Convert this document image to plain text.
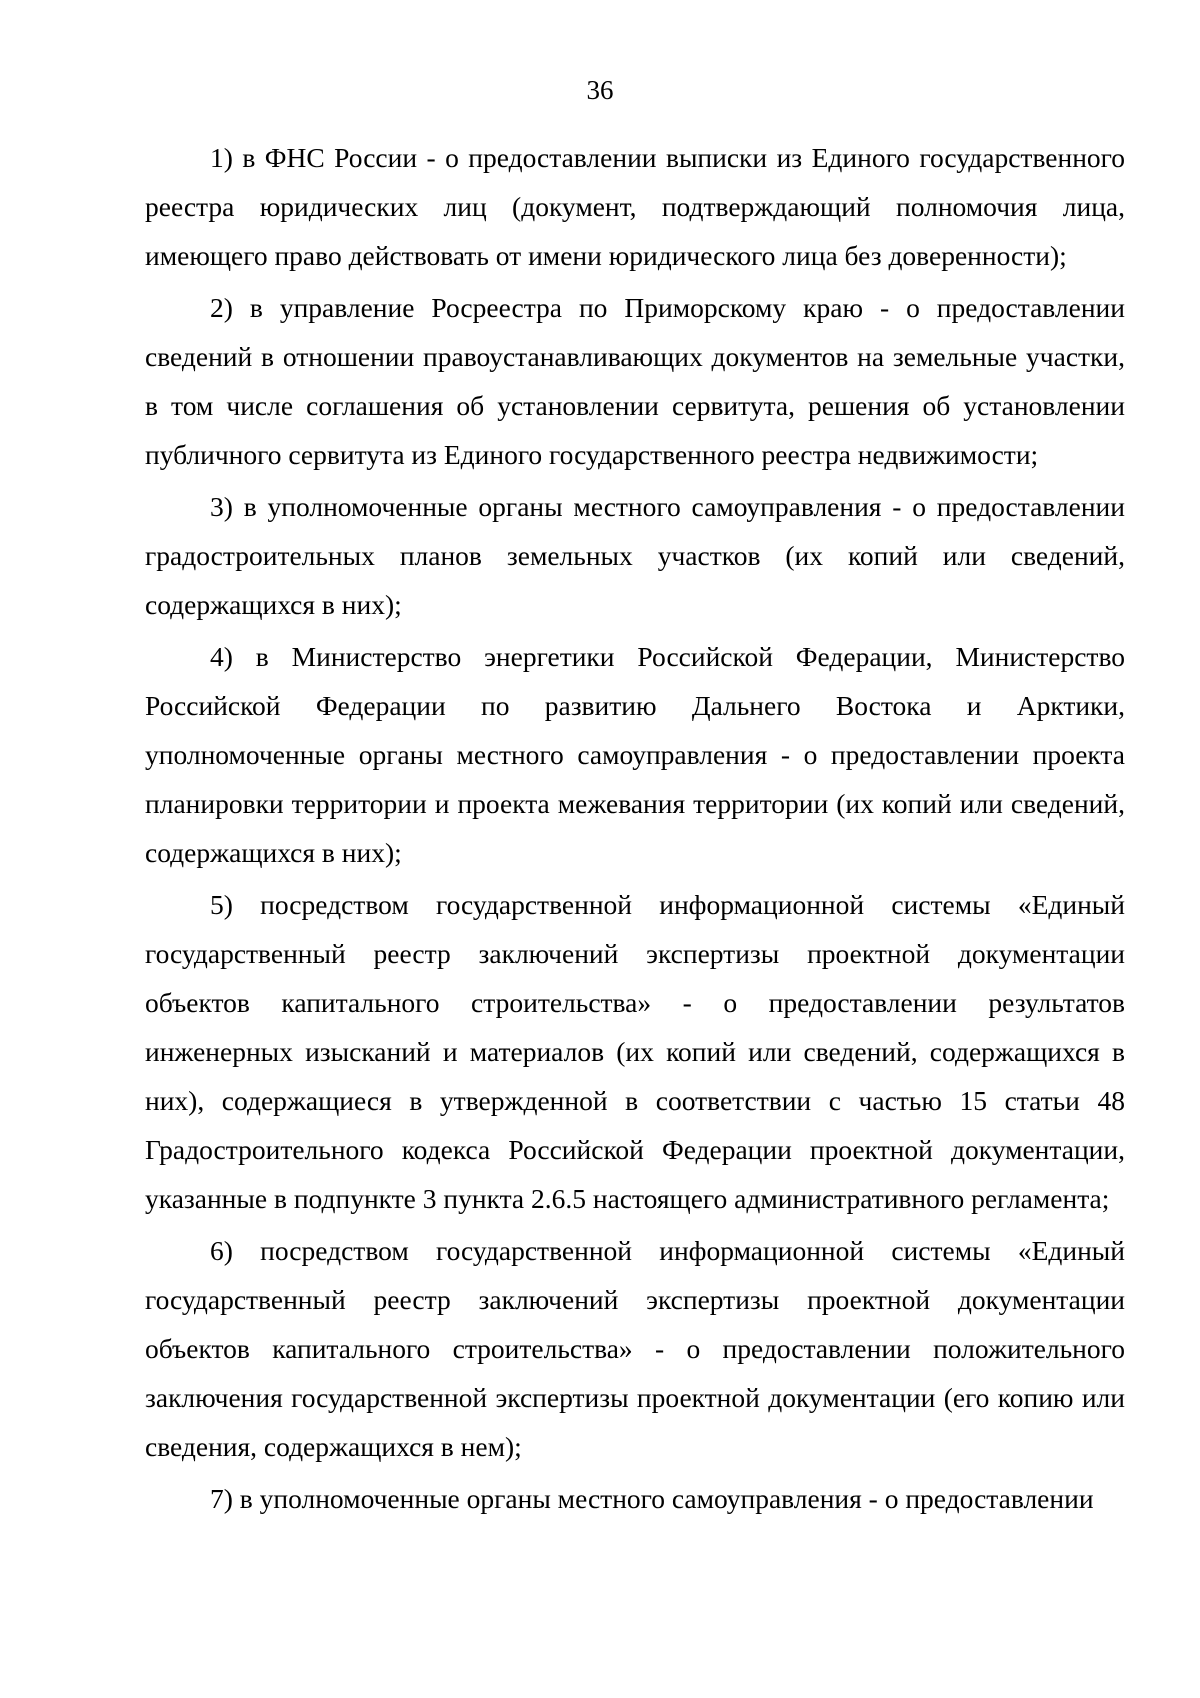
36

1) в ФНС России - о предоставлении выписки из Единого государственного реестра юридических лиц (документ, подтверждающий полномочия лица, имеющего право действовать от имени юридического лица без доверенности);

2) в управление Росреестра по Приморскому краю - о предоставлении сведений в отношении правоустанавливающих документов на земельные участки, в том числе соглашения об установлении сервитута, решения об установлении публичного сервитута из Единого государственного реестра недвижимости;

3) в уполномоченные органы местного самоуправления - о предоставлении градостроительных планов земельных участков (их копий или сведений, содержащихся в них);

4) в Министерство энергетики Российской Федерации, Министерство Российской Федерации по развитию Дальнего Востока и Арктики, уполномоченные органы местного самоуправления - о предоставлении проекта планировки территории и проекта межевания территории (их копий или сведений, содержащихся в них);

5) посредством государственной информационной системы «Единый государственный реестр заключений экспертизы проектной документации объектов капитального строительства» - о предоставлении результатов инженерных изысканий и материалов (их копий или сведений, содержащихся в них), содержащиеся в утвержденной в соответствии с частью 15 статьи 48 Градостроительного кодекса Российской Федерации проектной документации, указанные в подпункте 3 пункта 2.6.5 настоящего административного регламента;

6) посредством государственной информационной системы «Единый государственный реестр заключений экспертизы проектной документации объектов капитального строительства» - о предоставлении положительного заключения государственной экспертизы проектной документации (его копию или сведения, содержащихся в нем);

7) в уполномоченные органы местного самоуправления - о предоставлении
